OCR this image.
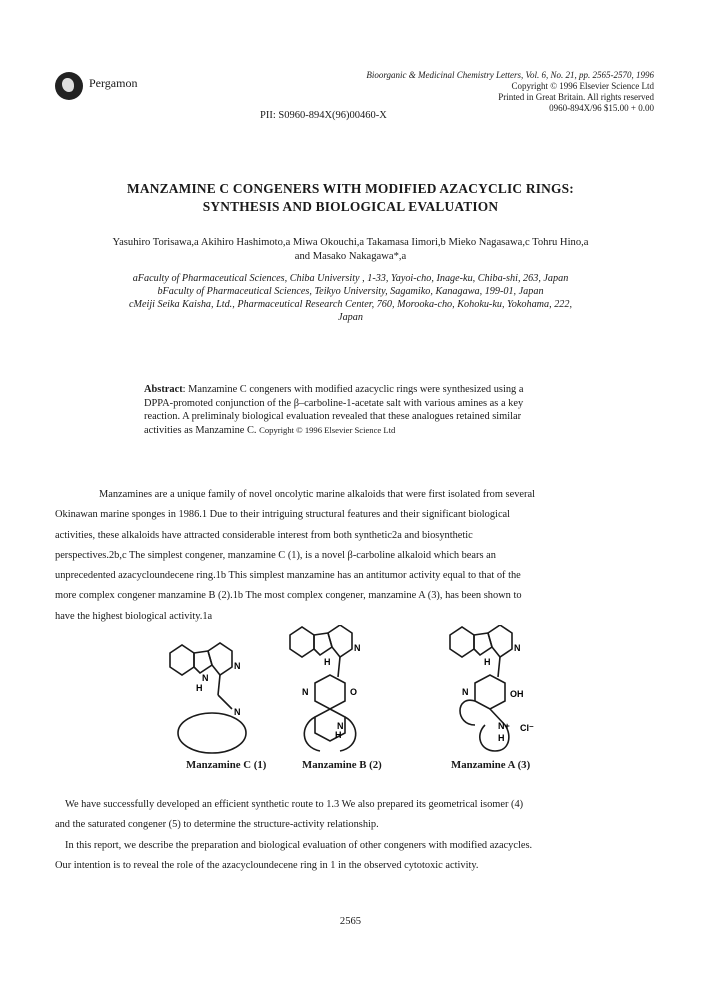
Pergamon
Bioorganic & Medicinal Chemistry Letters, Vol. 6, No. 21, pp. 2565-2570, 1996
Copyright © 1996 Elsevier Science Ltd
Printed in Great Britain. All rights reserved
0960-894X/96 $15.00 + 0.00
PII: S0960-894X(96)00460-X
MANZAMINE C CONGENERS WITH MODIFIED AZACYCLIC RINGS:
SYNTHESIS AND BIOLOGICAL EVALUATION
Yasuhiro Torisawa,a Akihiro Hashimoto,a Miwa Okouchi,a Takamasa Iimori,b Mieko Nagasawa,c Tohru Hino,a
and Masako Nakagawa*,a
aFaculty of Pharmaceutical Sciences, Chiba University , 1-33, Yayoi-cho, Inage-ku, Chiba-shi, 263, Japan
bFaculty of Pharmaceutical Sciences, Teikyo University, Sagamiko, Kanagawa, 199-01, Japan
cMeiji Seika Kaisha, Ltd., Pharmaceutical Research Center, 760, Morooka-cho, Kohoku-ku, Yokohama, 222,
Japan
Abstract: Manzamine C congeners with modified azacyclic rings were synthesized using a
DPPA-promoted conjunction of the β–carboline-1-acetate salt with various amines as a key
reaction. A preliminaly biological evaluation revealed that these analogues retained similar
activities as Manzamine C. Copyright © 1996 Elsevier Science Ltd
Manzamines are a unique family of novel oncolytic marine alkaloids that were first isolated from several
Okinawan marine sponges in 1986.1 Due to their intriguing structural features and their significant biological
activities, these alkaloids have attracted considerable interest from both synthetic2a and biosynthetic
perspectives.2b,c The simplest congener, manzamine C (1), is a novel β-carboline alkaloid which bears an
unprecedented azacycloundecene ring.1b This simplest manzamine has an antitumor activity equal to that of the
more complex congener manzamine B (2).1b The most complex congener, manzamine A (3), has been shown to
have the highest biological activity.1a
N
H
N
N
H
N
N	O
N
H
H
N
N	OH
N+ Cl⁻
H
Manzamine C (1)	Manzamine B (2)	Manzamine A (3)
We have successfully developed an efficient synthetic route to 1.3 We also prepared its geometrical isomer (4)
and the saturated congener (5) to determine the structure-activity relationship.
In this report, we describe the preparation and biological evaluation of other congeners with modified azacycles.
Our intention is to reveal the role of the azacycloundecene ring in 1 in the observed cytotoxic activity.
2565
